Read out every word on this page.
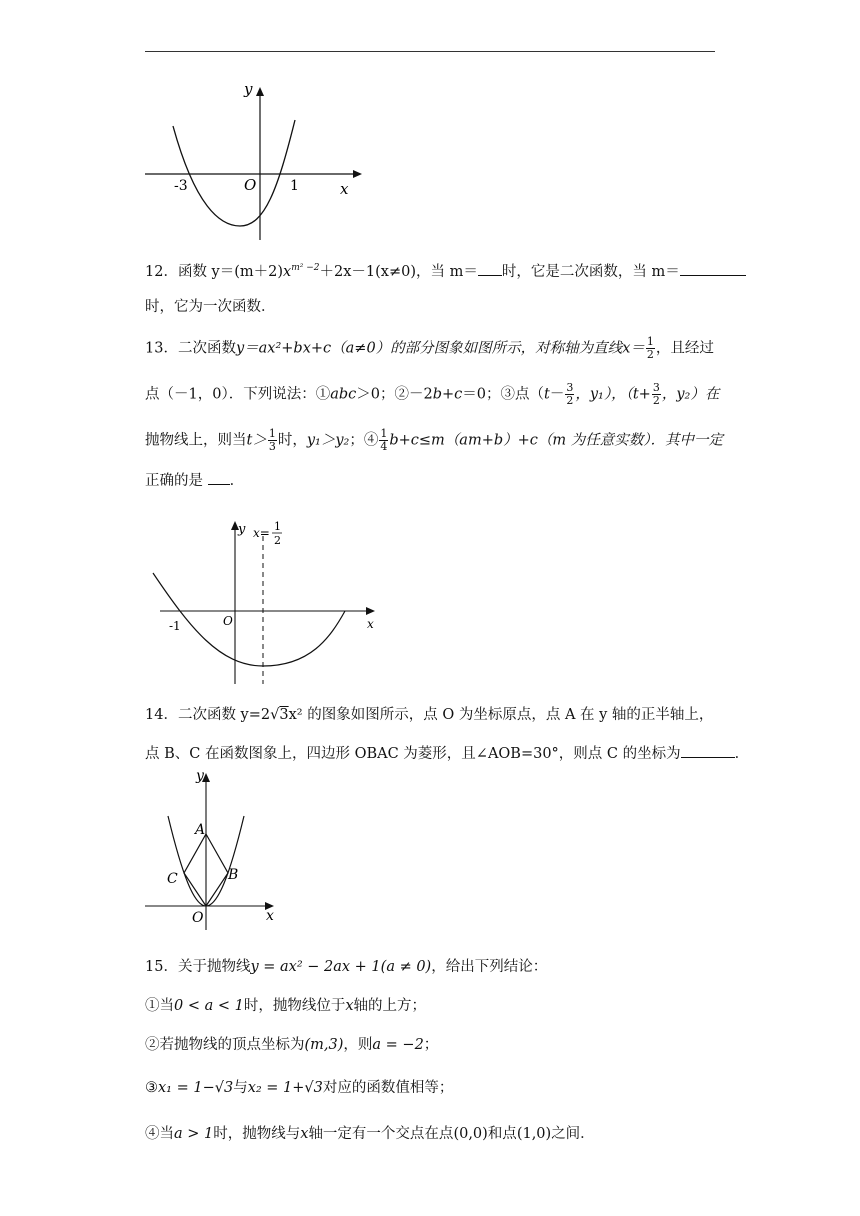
y
O	x
-3	1
12．函数 $y=(m+2)x^{m^2 -2}+2x-1(x\ne 0)$，当 m＝ 时，它是二次函数，当 m＝
时，它为一次函数．
13．二次函数y＝ax²+bx+c（a≠0）的部分图象如图所示，对称轴为直线$x= \frac{1}{2}$ ，且经过
点（－1，0）．下列说法：①abc＞0；②－2b+c＝0；③点（$t- \frac{3}{2}$ ，y₁），（$t+ \frac{3}{2}$ ，y₂）在
抛物线上，则当$t> \frac{1}{3}$ 时，y₁＞y₂；④ $\frac{1}{4} b+c\le m(am+b)+c(m$ 为任意实数）．其中一定
正确的是 ．
y x= 1
2
O
-1	x
14．二次函数 y=2√3x² 的图象如图所示，点 O 为坐标原点，点 A 在 y 轴的正半轴上，
点 B、C 在函数图象上，四边形 OBAC 为菱形，且∠AOB=30°，则点 C 的坐标为	．
y
A
C	B
O	x
15．关于抛物线y = ax² − 2ax + 1(a ≠ 0)，给出下列结论：
①当0 < a < 1时，抛物线位于x轴的上方；
②若抛物线的顶点坐标为(m,3)，则a = −2；
③x₁ = 1−√3与x₂ = 1+√3对应的函数值相等；
④当a > 1时，抛物线与x轴一定有一个交点在点(0,0)和点(1,0)之间．
